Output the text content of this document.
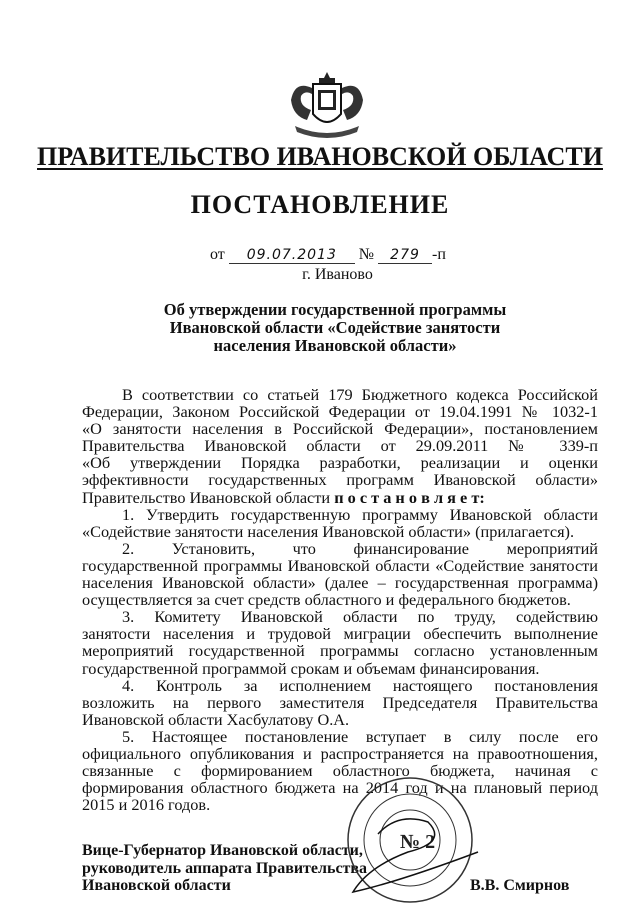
ПРАВИТЕЛЬСТВО ИВАНОВСКОЙ ОБЛАСТИ
ПОСТАНОВЛЕНИЕ
от 09.07.2013 № 279 -п
г. Иваново
Об утверждении государственной программы
Ивановской области «Содействие занятости
населения Ивановской области»
В соответствии со статьей 179 Бюджетного кодекса Российской
Федерации, Законом Российской Федерации от 19.04.1991 № 1032-1
«О занятости населения в Российской Федерации», постановлением
Правительства Ивановской области от 29.09.2011 № 339-п
«Об утверждении Порядка разработки, реализации и оценки
эффективности государственных программ Ивановской области»
Правительство Ивановской области п о с т а н о в л я е т:
1. Утвердить государственную программу Ивановской области
«Содействие занятости населения Ивановской области» (прилагается).
2. Установить, что финансирование мероприятий
государственной программы Ивановской области «Содействие занятости
населения Ивановской области» (далее – государственная программа)
осуществляется за счет средств областного и федерального бюджетов.
3. Комитету Ивановской области по труду, содействию
занятости населения и трудовой миграции обеспечить выполнение
мероприятий государственной программы согласно установленным
государственной программой срокам и объемам финансирования.
4. Контроль за исполнением настоящего постановления
возложить на первого заместителя Председателя Правительства
Ивановской области Хасбулатову О.А.
5. Настоящее постановление вступает в силу после его
официального опубликования и распространяется на правоотношения,
связанные с формированием областного бюджета, начиная с
формирования областного бюджета на 2014 год и на плановый период
2015 и 2016 годов.
Вице-Губернатор Ивановской области,
руководитель аппарата Правительства
Ивановской области
№ 2
В.В. Смирнов
